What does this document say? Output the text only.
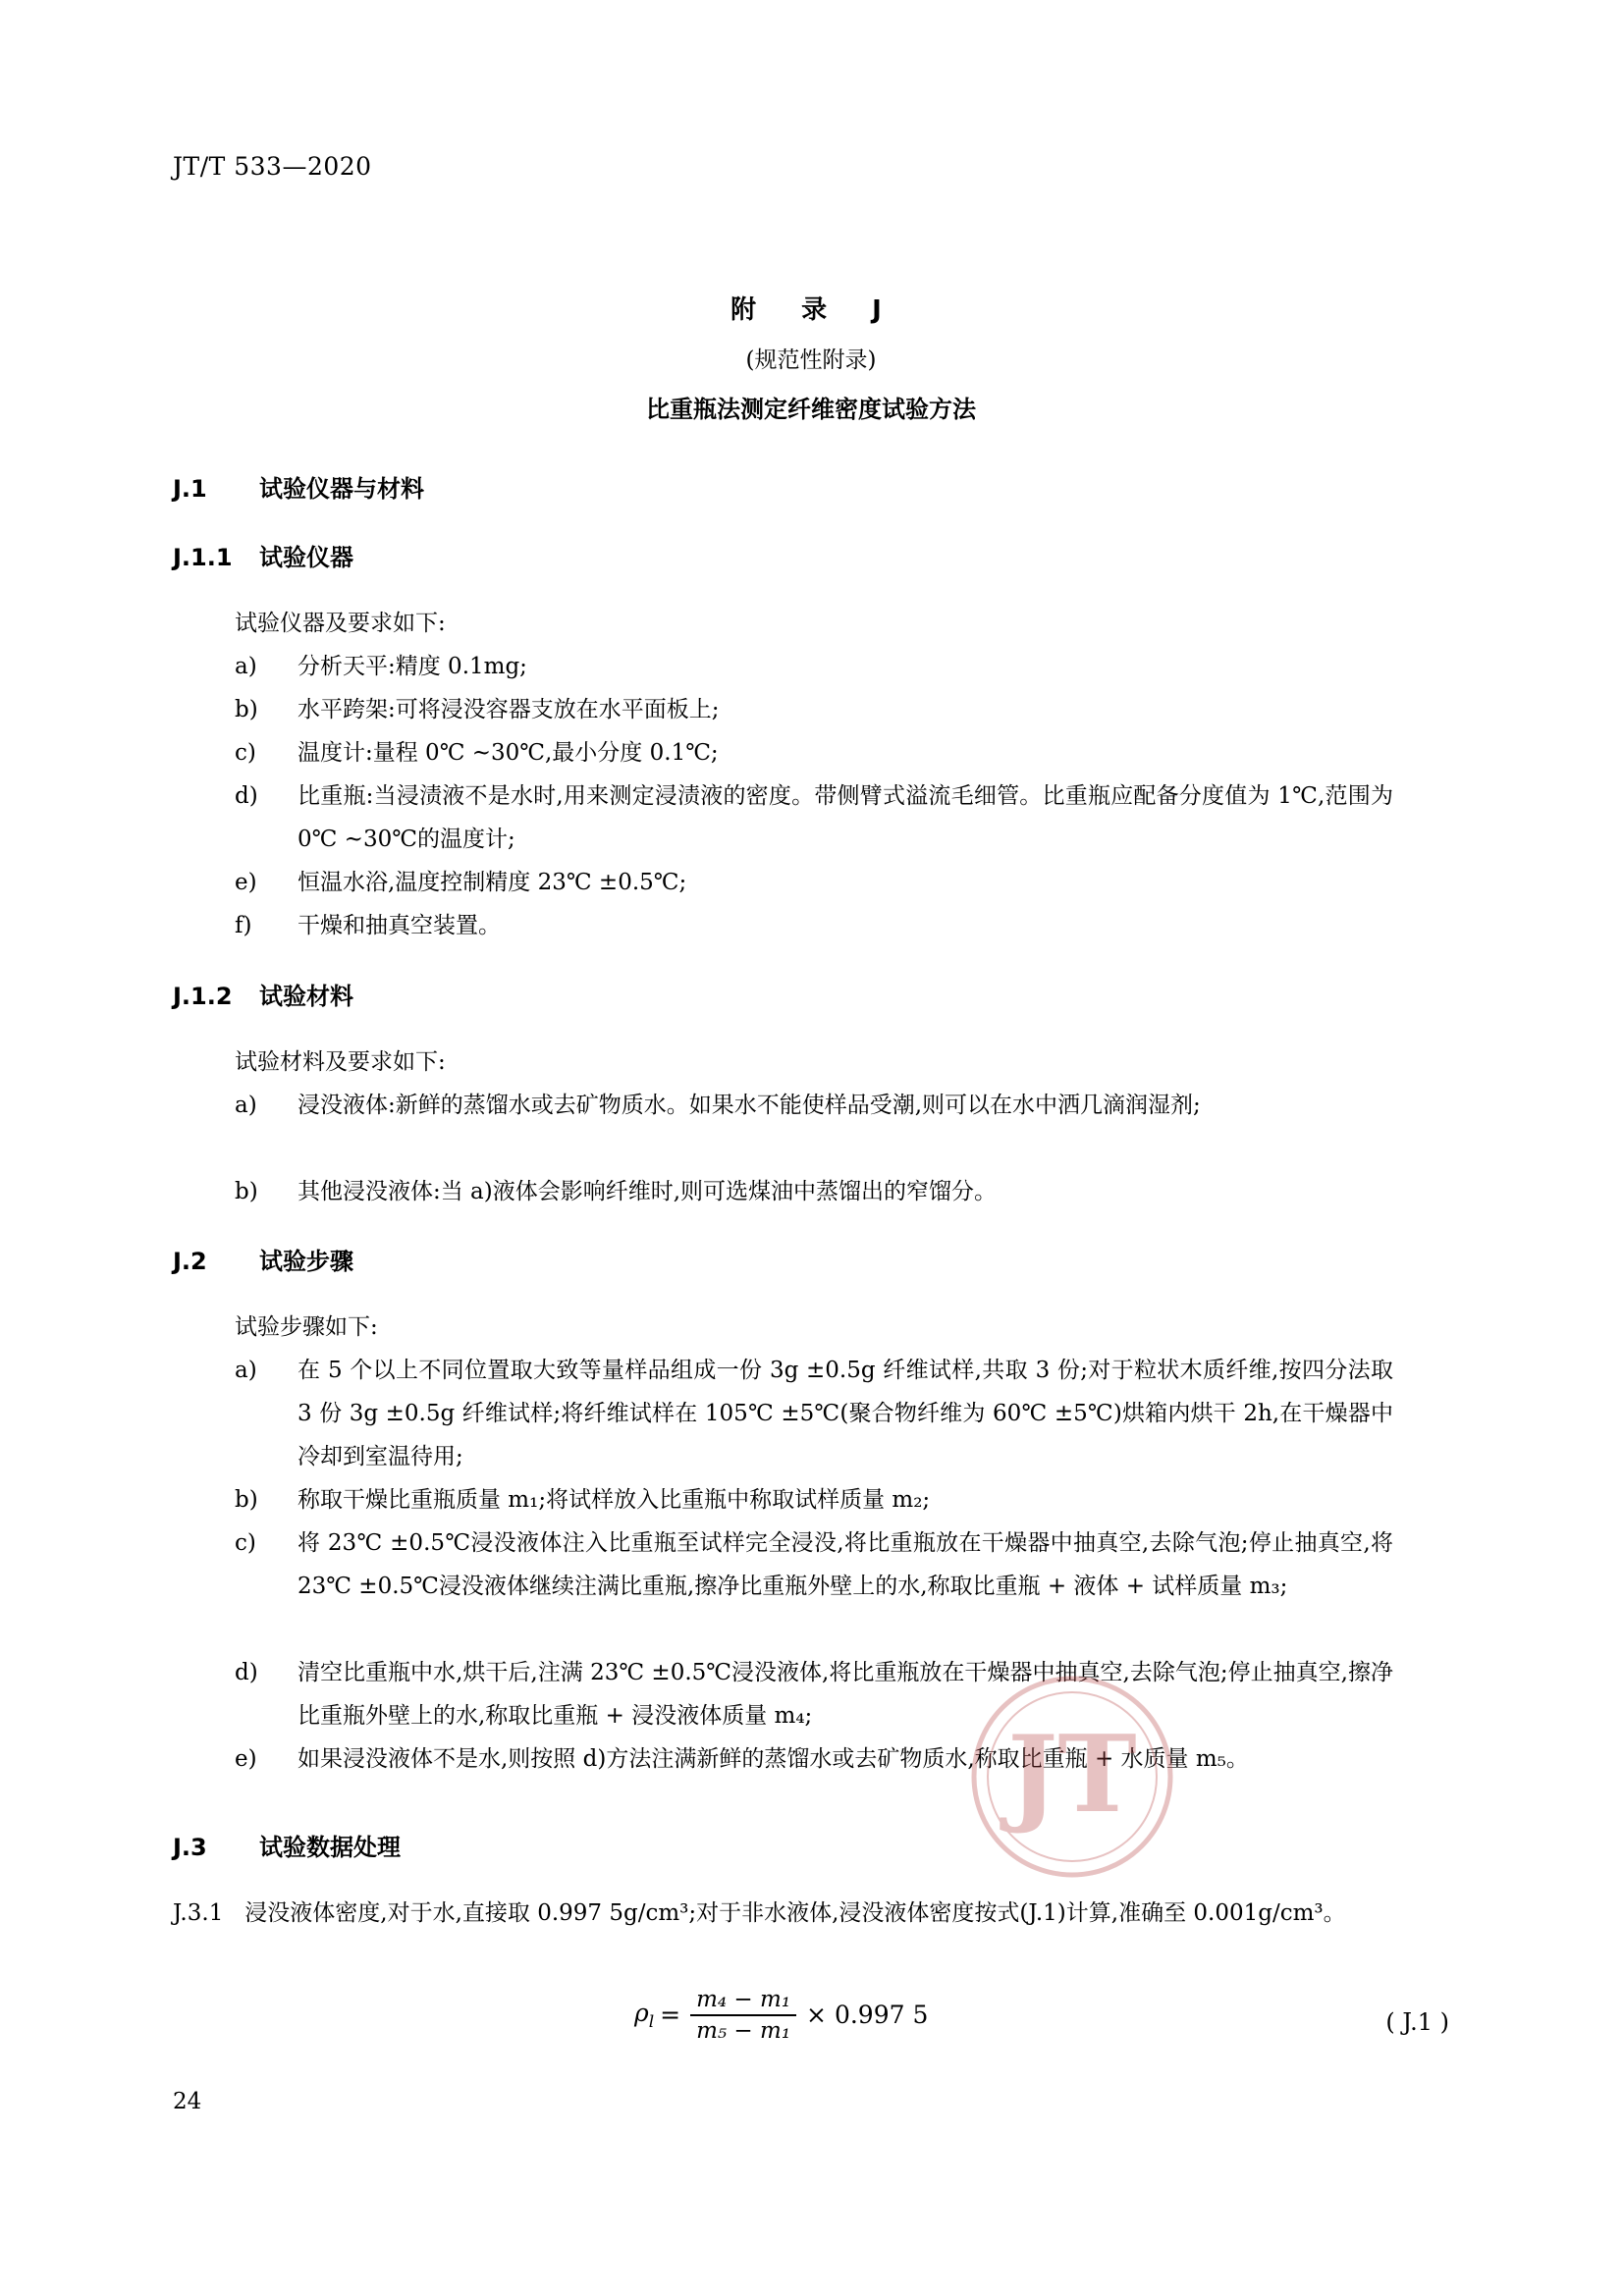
JT/T 533—2020
附　录　J
(规范性附录)
比重瓶法测定纤维密度试验方法
J.1 试验仪器与材料
J.1.1 试验仪器
试验仪器及要求如下:
a)	分析天平:精度 0.1mg;
b)	水平跨架:可将浸没容器支放在水平面板上;
c)	温度计:量程 0℃ ~30℃,最小分度 0.1℃;
d)	比重瓶:当浸渍液不是水时,用来测定浸渍液的密度。带侧臂式溢流毛细管。比重瓶应配备分度值为 1℃,范围为 0℃ ~30℃的温度计;
e)	恒温水浴,温度控制精度 23℃ ±0.5℃;
f)	干燥和抽真空装置。
J.1.2 试验材料
试验材料及要求如下:
a)	浸没液体:新鲜的蒸馏水或去矿物质水。如果水不能使样品受潮,则可以在水中洒几滴润湿剂;
b)	其他浸没液体:当 a)液体会影响纤维时,则可选煤油中蒸馏出的窄馏分。
J.2 试验步骤
试验步骤如下:
a)	在 5 个以上不同位置取大致等量样品组成一份 3g ±0.5g 纤维试样,共取 3 份;对于粒状木质纤维,按四分法取 3 份 3g ±0.5g 纤维试样;将纤维试样在 105℃ ±5℃(聚合物纤维为 60℃ ±5℃)烘箱内烘干 2h,在干燥器中冷却到室温待用;
b)	称取干燥比重瓶质量 m₁;将试样放入比重瓶中称取试样质量 m₂;
c)	将 23℃ ±0.5℃浸没液体注入比重瓶至试样完全浸没,将比重瓶放在干燥器中抽真空,去除气泡;停止抽真空,将 23℃ ±0.5℃浸没液体继续注满比重瓶,擦净比重瓶外壁上的水,称取比重瓶 + 液体 + 试样质量 m₃;
d)	清空比重瓶中水,烘干后,注满 23℃ ±0.5℃浸没液体,将比重瓶放在干燥器中抽真空,去除气泡;停止抽真空,擦净比重瓶外壁上的水,称取比重瓶 + 浸没液体质量 m₄;
e)	如果浸没液体不是水,则按照 d)方法注满新鲜的蒸馏水或去矿物质水,称取比重瓶 + 水质量 m₅。
J.3 试验数据处理
J.3.1 浸没液体密度,对于水,直接取 0.997 5g/cm³;对于非水液体,浸没液体密度按式(J.1)计算,准确至 0.001g/cm³。
$\rho_l = \frac{\text{m₄ − m₁}}{\text{m₅ − m₁}} \times 0.997$ 5	( J.1 )
24
JT
